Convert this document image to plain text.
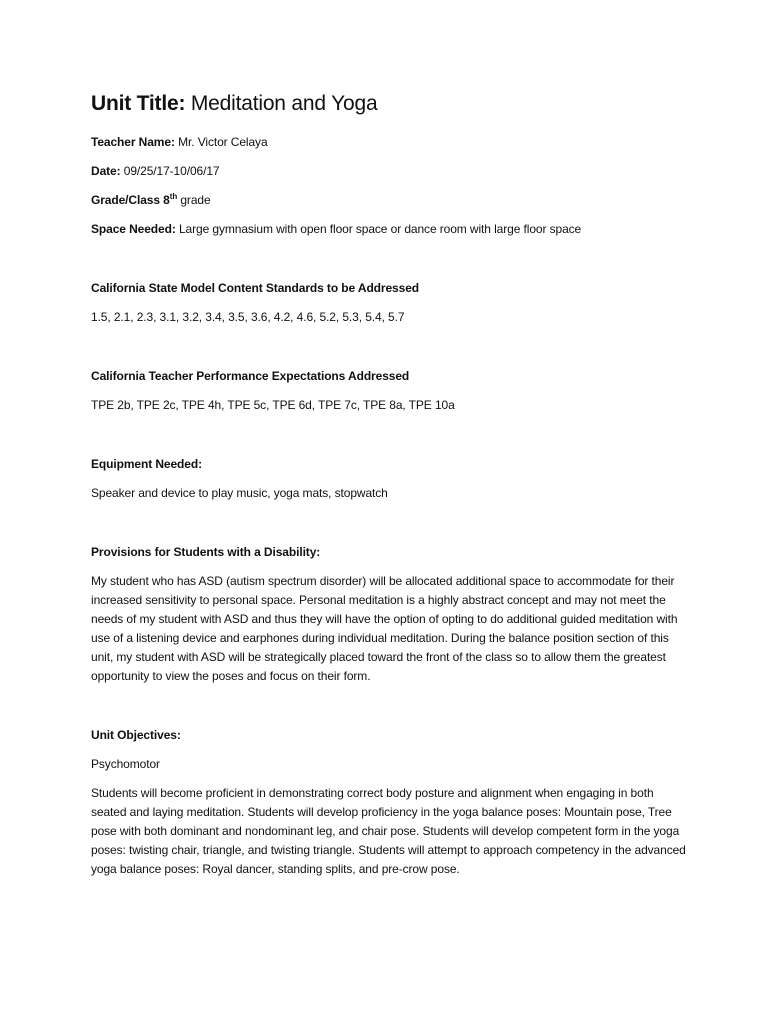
Unit Title: Meditation and Yoga

Teacher Name: Mr. Victor Celaya

Date: 09/25/17-10/06/17

Grade/Class 8th grade

Space Needed: Large gymnasium with open floor space or dance room with large floor space

California State Model Content Standards to be Addressed

1.5, 2.1, 2.3, 3.1, 3.2, 3.4, 3.5, 3.6, 4.2, 4.6, 5.2, 5.3, 5.4, 5.7

California Teacher Performance Expectations Addressed

TPE 2b, TPE 2c, TPE 4h, TPE 5c, TPE 6d, TPE 7c, TPE 8a, TPE 10a

Equipment Needed:

Speaker and device to play music, yoga mats, stopwatch

Provisions for Students with a Disability:

My student who has ASD (autism spectrum disorder) will be allocated additional space to accommodate for their increased sensitivity to personal space. Personal meditation is a highly abstract concept and may not meet the needs of my student with ASD and thus they will have the option of opting to do additional guided meditation with use of a listening device and earphones during individual meditation. During the balance position section of this unit, my student with ASD will be strategically placed toward the front of the class so to allow them the greatest opportunity to view the poses and focus on their form.

Unit Objectives:

Psychomotor

Students will become proficient in demonstrating correct body posture and alignment when engaging in both seated and laying meditation. Students will develop proficiency in the yoga balance poses: Mountain pose, Tree pose with both dominant and nondominant leg, and chair pose. Students will develop competent form in the yoga poses: twisting chair, triangle, and twisting triangle. Students will attempt to approach competency in the advanced yoga balance poses: Royal dancer, standing splits, and pre-crow pose.
